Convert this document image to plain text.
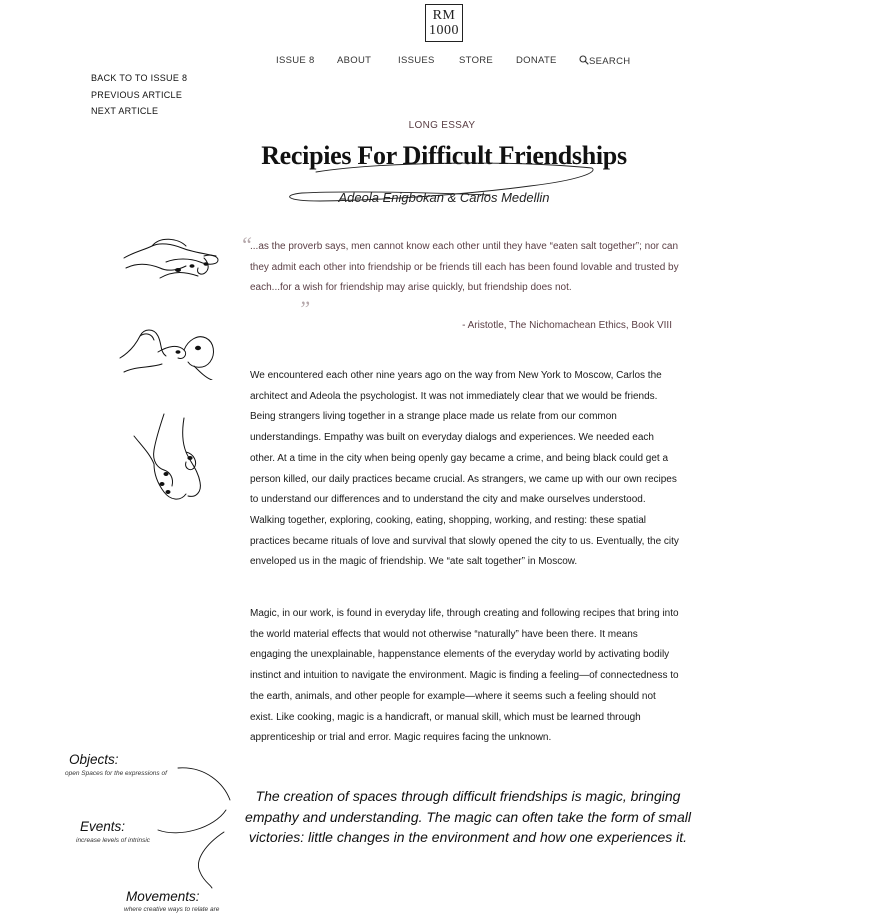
RM
1000
ISSUE 8 ABOUT	ISSUES	STORE DONATE	SEARCH
BACK TO TO ISSUE 8
PREVIOUS ARTICLE
NEXT ARTICLE
LONG ESSAY
Recipies For Difficult Friendships
Adeola Enigbokan & Carlos Medellin
“

...as the proverb says, men cannot know each other until they have “eaten salt together”; nor can they admit each other into friendship or be friends till each has been found lovable and trusted by each...for a wish for friendship may arise quickly, but friendship does not.

”
- Aristotle, The Nichomachean Ethics, Book VIII

We encountered each other nine years ago on the way from New York to Moscow, Carlos the architect and Adeola the psychologist. It was not immediately clear that we would be friends. Being strangers living together in a strange place made us relate from our common understandings. Empathy was built on everyday dialogs and experiences. We needed each other. At a time in the city when being openly gay became a crime, and being black could get a person killed, our daily practices became crucial. As strangers, we came up with our own recipes to understand our differences and to understand the city and make ourselves understood. Walking together, exploring, cooking, eating, shopping, working, and resting: these spatial practices became rituals of love and survival that slowly opened the city to us. Eventually, the city enveloped us in the magic of friendship. We “ate salt together” in Moscow.

Magic, in our work, is found in everyday life, through creating and following recipes that bring into the world material effects that would not otherwise “naturally” have been there. It means engaging the unexplainable, happenstance elements of the everyday world by activating bodily instinct and intuition to navigate the environment. Magic is finding a feeling—of connectedness to the earth, animals, and other people for example—where it seems such a feeling should not exist. Like cooking, magic is a handicraft, or manual skill, which must be learned through apprenticeship or trial and error. Magic requires facing the unknown.

Objects:
open Spaces for the expressions of
Events:
increase levels of intrinsic
Movements:
where creative ways to relate are

The creation of spaces through difficult friendships is magic, bringing empathy and understanding. The magic can often take the form of small victories: little changes in the environment and how one experiences it.
